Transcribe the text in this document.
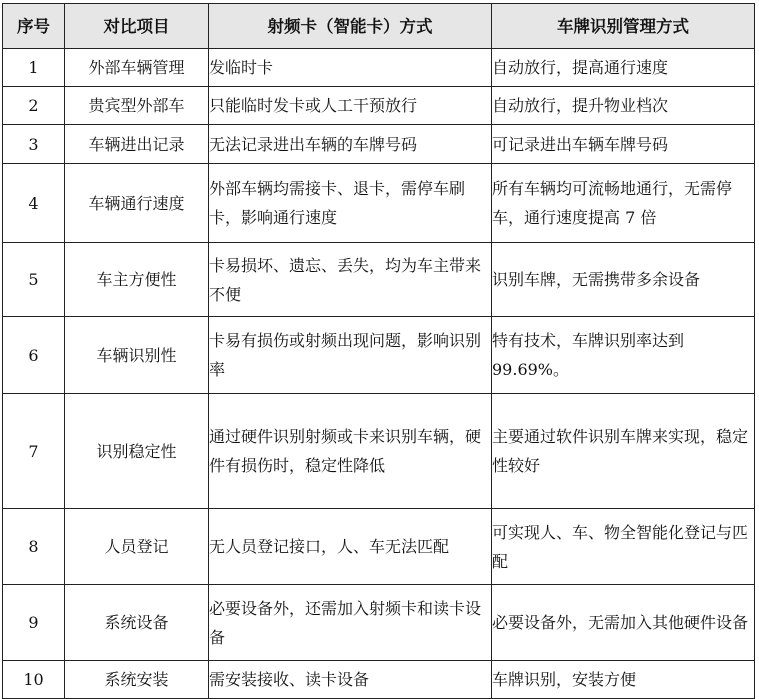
序号	对比项目	射频卡（智能卡）方式	车牌识别管理方式
1	外部车辆管理	发临时卡	自动放行，提高通行速度
2	贵宾型外部车	只能临时发卡或人工干预放行	自动放行，提升物业档次
3	车辆进出记录	无法记录进出车辆的车牌号码	可记录进出车辆车牌号码
4	车辆通行速度	外部车辆均需接卡、退卡，需停车刷卡，影响通行速度	所有车辆均可流畅地通行，无需停车，通行速度提高 7 倍
5	车主方便性	卡易损坏、遗忘、丢失，均为车主带来不便	识别车牌，无需携带多余设备
6	车辆识别性	卡易有损伤或射频出现问题，影响识别率	特有技术，车牌识别率达到 99.69%。
7	识别稳定性	通过硬件识别射频或卡来识别车辆，硬件有损伤时，稳定性降低	主要通过软件识别车牌来实现，稳定性较好
8	人员登记	无人员登记接口，人、车无法匹配	可实现人、车、物全智能化登记与匹配
9	系统设备	必要设备外，还需加入射频卡和读卡设备	必要设备外，无需加入其他硬件设备
10	系统安装	需安装接收、读卡设备	车牌识别，安装方便
